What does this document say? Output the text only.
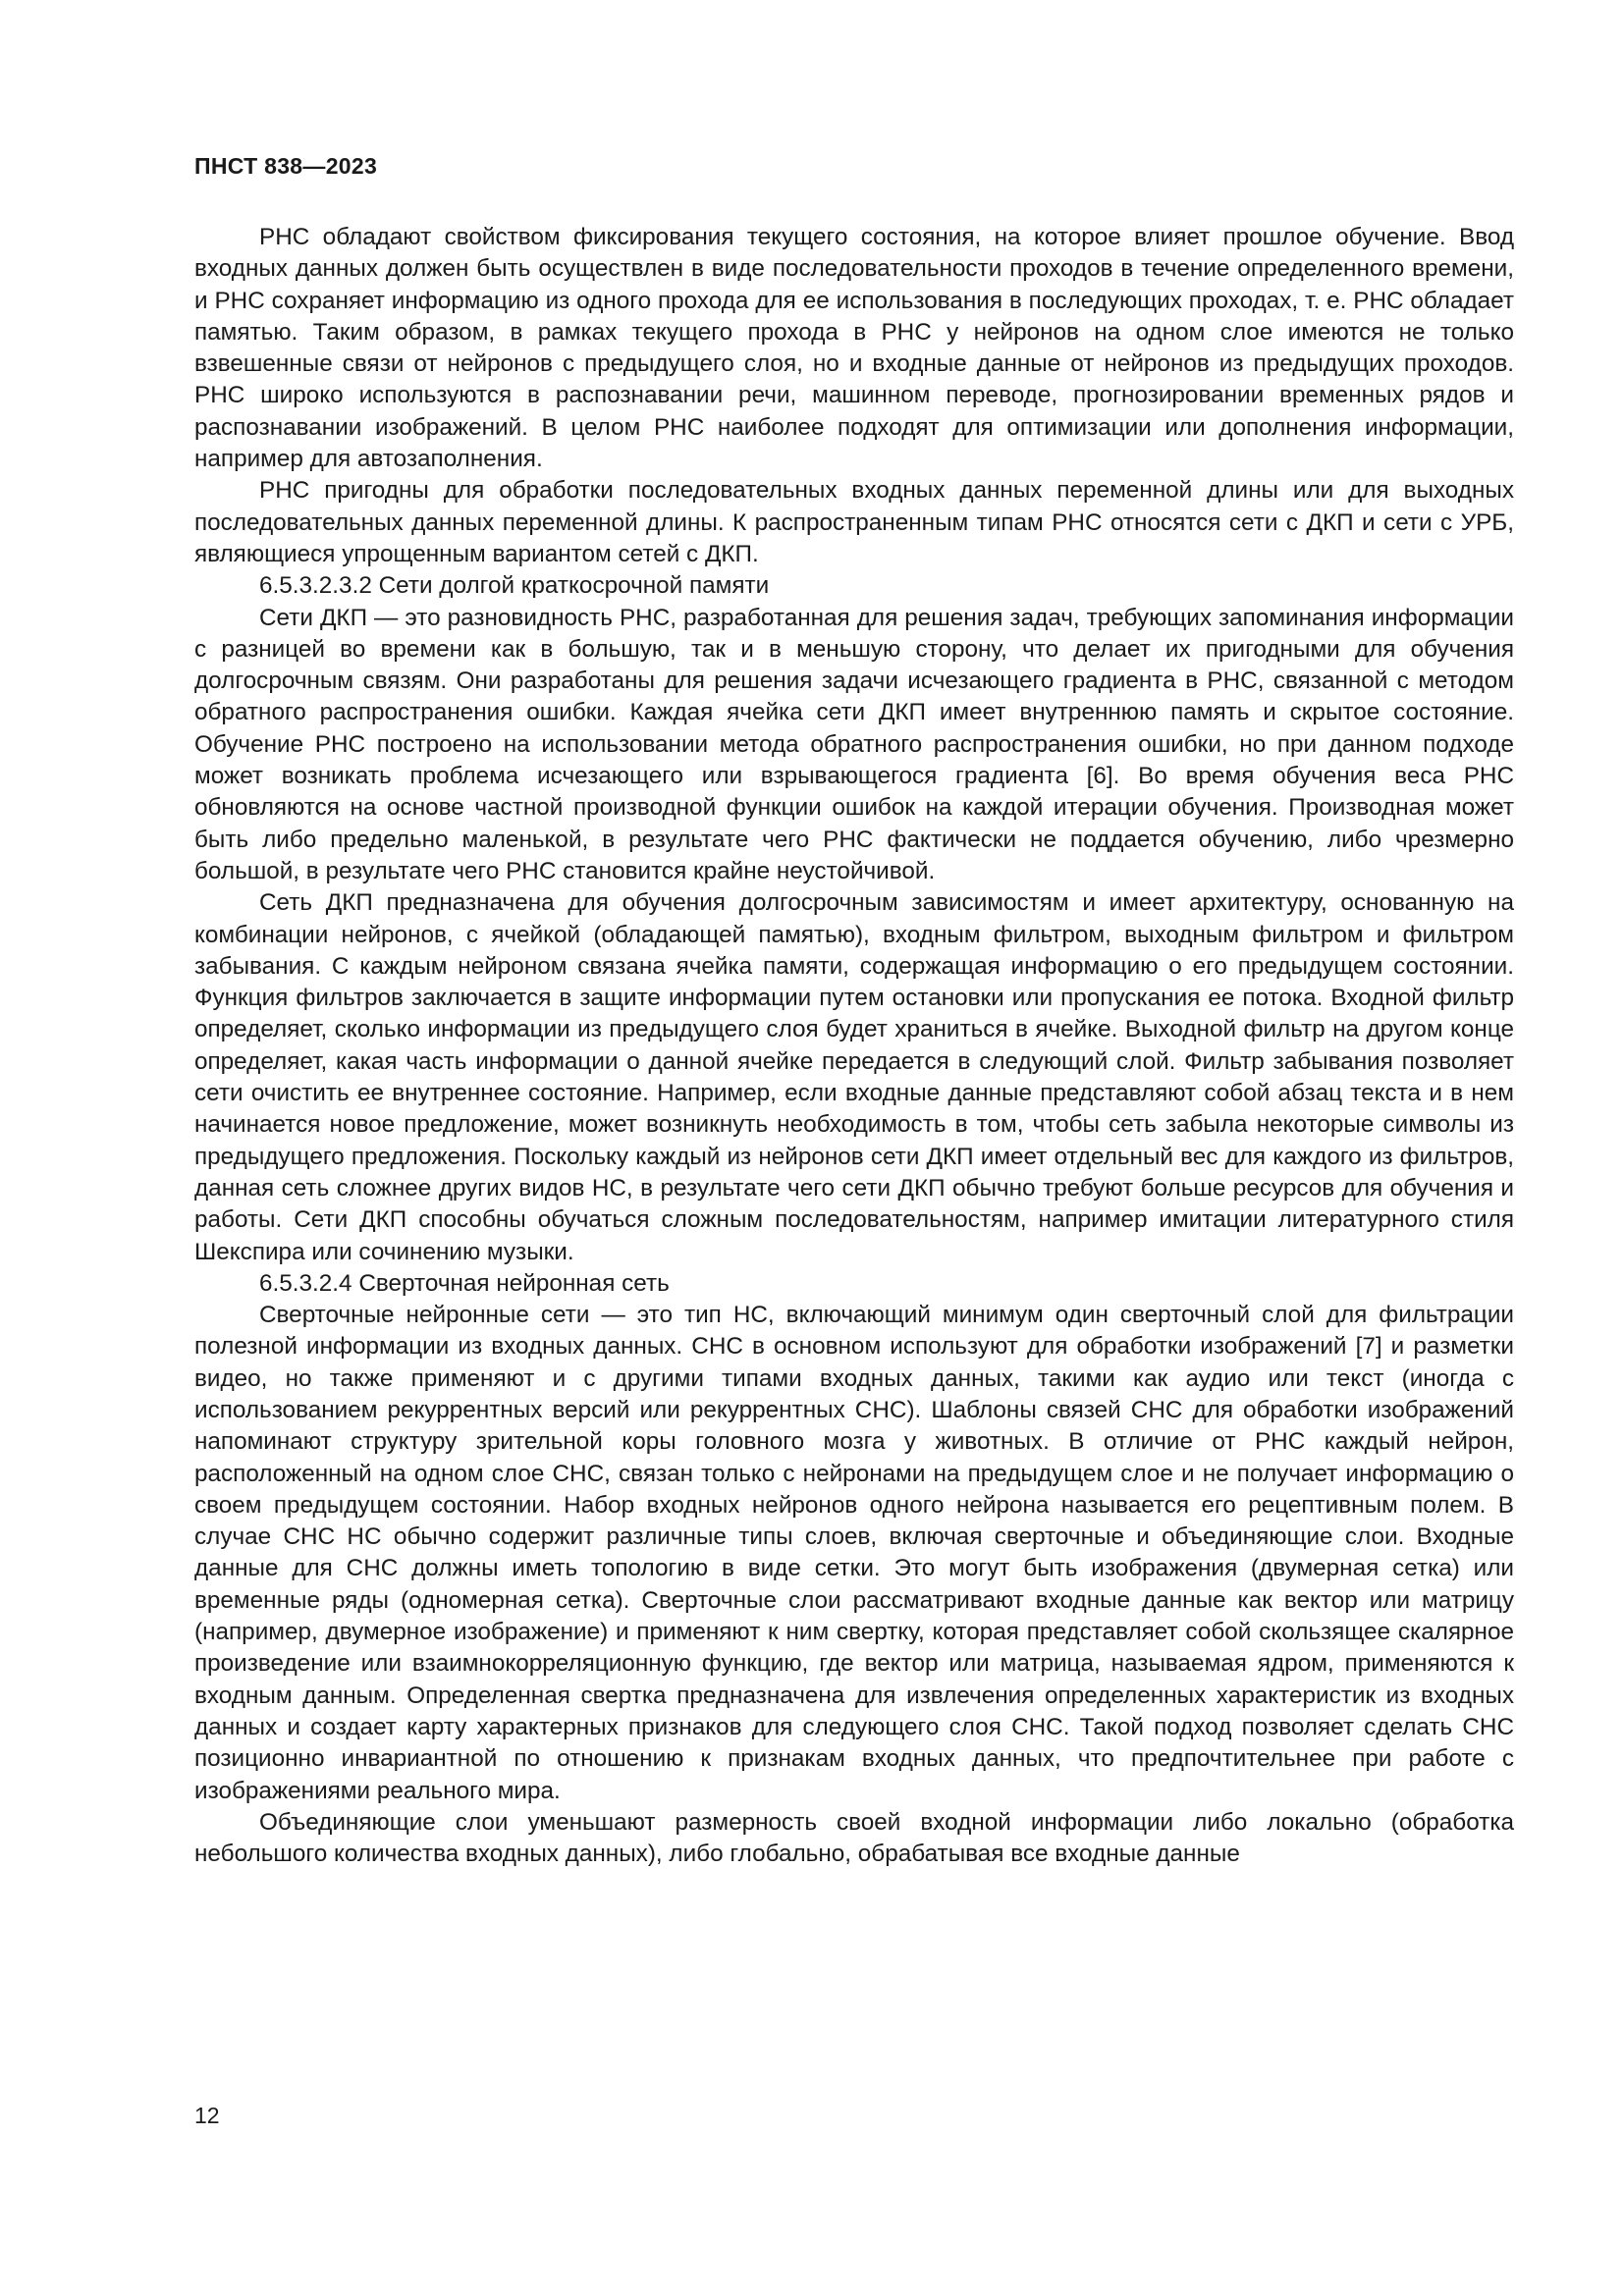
ПНСТ 838—2023

РНС обладают свойством фиксирования текущего состояния, на которое влияет прошлое обучение. Ввод входных данных должен быть осуществлен в виде последовательности проходов в течение определенного времени, и РНС сохраняет информацию из одного прохода для ее использования в последующих проходах, т. е. РНС обладает памятью. Таким образом, в рамках текущего прохода в РНС у нейронов на одном слое имеются не только взвешенные связи от нейронов с предыдущего слоя, но и входные данные от нейронов из предыдущих проходов. РНС широко используются в распознавании речи, машинном переводе, прогнозировании временных рядов и распознавании изображений. В целом РНС наиболее подходят для оптимизации или дополнения информации, например для автозаполнения.

РНС пригодны для обработки последовательных входных данных переменной длины или для выходных последовательных данных переменной длины. К распространенным типам РНС относятся сети с ДКП и сети с УРБ, являющиеся упрощенным вариантом сетей с ДКП.

6.5.3.2.3.2 Сети долгой краткосрочной памяти

Сети ДКП — это разновидность РНС, разработанная для решения задач, требующих запоминания информации с разницей во времени как в большую, так и в меньшую сторону, что делает их пригодными для обучения долгосрочным связям. Они разработаны для решения задачи исчезающего градиента в РНС, связанной с методом обратного распространения ошибки. Каждая ячейка сети ДКП имеет внутреннюю память и скрытое состояние. Обучение РНС построено на использовании метода обратного распространения ошибки, но при данном подходе может возникать проблема исчезающего или взрывающегося градиента [6]. Во время обучения веса РНС обновляются на основе частной производной функции ошибок на каждой итерации обучения. Производная может быть либо предельно маленькой, в результате чего РНС фактически не поддается обучению, либо чрезмерно большой, в результате чего РНС становится крайне неустойчивой.

Сеть ДКП предназначена для обучения долгосрочным зависимостям и имеет архитектуру, основанную на комбинации нейронов, с ячейкой (обладающей памятью), входным фильтром, выходным фильтром и фильтром забывания. С каждым нейроном связана ячейка памяти, содержащая информацию о его предыдущем состоянии. Функция фильтров заключается в защите информации путем остановки или пропускания ее потока. Входной фильтр определяет, сколько информации из предыдущего слоя будет храниться в ячейке. Выходной фильтр на другом конце определяет, какая часть информации о данной ячейке передается в следующий слой. Фильтр забывания позволяет сети очистить ее внутреннее состояние. Например, если входные данные представляют собой абзац текста и в нем начинается новое предложение, может возникнуть необходимость в том, чтобы сеть забыла некоторые символы из предыдущего предложения. Поскольку каждый из нейронов сети ДКП имеет отдельный вес для каждого из фильтров, данная сеть сложнее других видов НС, в результате чего сети ДКП обычно требуют больше ресурсов для обучения и работы. Сети ДКП способны обучаться сложным последовательностям, например имитации литературного стиля Шекспира или сочинению музыки.

6.5.3.2.4 Сверточная нейронная сеть

Сверточные нейронные сети — это тип НС, включающий минимум один сверточный слой для фильтрации полезной информации из входных данных. СНС в основном используют для обработки изображений [7] и разметки видео, но также применяют и с другими типами входных данных, такими как аудио или текст (иногда с использованием рекуррентных версий или рекуррентных СНС). Шаблоны связей СНС для обработки изображений напоминают структуру зрительной коры головного мозга у животных. В отличие от РНС каждый нейрон, расположенный на одном слое СНС, связан только с нейронами на предыдущем слое и не получает информацию о своем предыдущем состоянии. Набор входных нейронов одного нейрона называется его рецептивным полем. В случае СНС НС обычно содержит различные типы слоев, включая сверточные и объединяющие слои. Входные данные для СНС должны иметь топологию в виде сетки. Это могут быть изображения (двумерная сетка) или временные ряды (одномерная сетка). Сверточные слои рассматривают входные данные как вектор или матрицу (например, двумерное изображение) и применяют к ним свертку, которая представляет собой скользящее скалярное произведение или взаимнокорреляционную функцию, где вектор или матрица, называемая ядром, применяются к входным данным. Определенная свертка предназначена для извлечения определенных характеристик из входных данных и создает карту характерных признаков для следующего слоя СНС. Такой подход позволяет сделать СНС позиционно инвариантной по отношению к признакам входных данных, что предпочтительнее при работе с изображениями реального мира.

Объединяющие слои уменьшают размерность своей входной информации либо локально (обработка небольшого количества входных данных), либо глобально, обрабатывая все входные данные

12
